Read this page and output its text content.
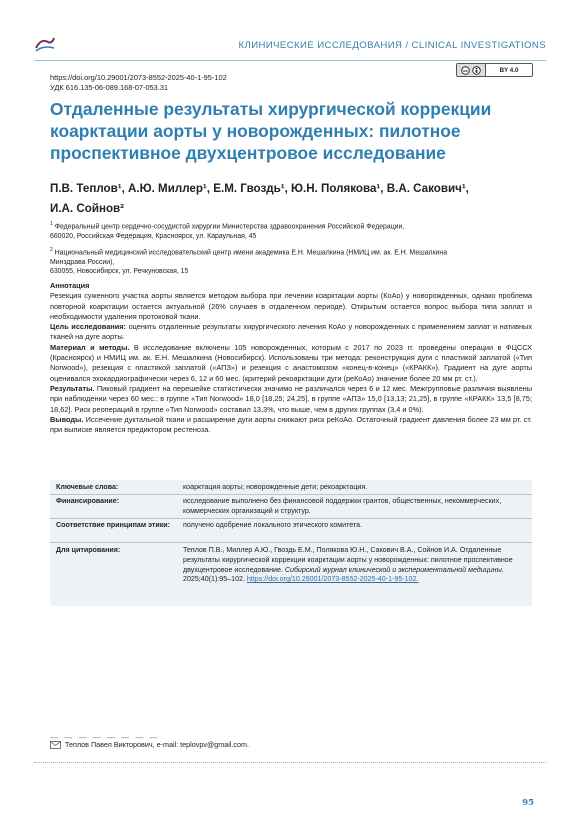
КЛИНИЧЕСКИЕ ИССЛЕДОВАНИЯ / CLINICAL INVESTIGATIONS
https://doi.org/10.29001/2073-8552-2025-40-1-95-102
УДК 616.135-06-089.168-07-053.31
cc	BY 4.0
Отдаленные результаты хирургической коррекции коарктации аорты у новорожденных: пилотное проспективное двухцентровое исследование
П.В. Теплов¹, А.Ю. Миллер¹, Е.М. Гвоздь¹, Ю.Н. Полякова¹, В.А. Сакович¹,
И.А. Сойнов²
$^1$ Федеральный центр сердечно-сосудистой хирургии Министерства здравоохранения Российской Федерации,
660020, Российская Федерация, Красноярск, ул. Караульная, 45
$^2$ Национальный медицинский исследовательский центр имени академика Е.Н. Мешалкина (НМИЦ им. ак. Е.Н. Мешалкина
Минздрава России),
630055, Новосибирск, ул. Речкуновская, 15

Аннотация

Резекция суженного участка аорты является методом выбора при лечении коарктации аорты (КоАо) у новорожденных, однако проблема повторной коарктации остается актуальной (26% случаев в отдаленном периоде). Открытым остается вопрос выбора типа заплат и необходимости удаления протоковой ткани.

Цель исследования: оценить отдаленные результаты хирургического лечения КоАо у новорожденных с применением заплат и нативных тканей на дуге аорты.

Материал и методы. В исследование включены 105 новорожденных, которым с 2017 по 2023 гг. проведены операции в ФЦССХ (Красноярск) и НМИЦ им. ак. Е.Н. Мешалкина (Новосибирск). Использованы три метода: реконструкция дуги с пластикой заплатой («Тип Norwood»), резекция с пластикой заплатой («АПЗ») и резекция с анастомозом «конец-в-конец» («КРАКК»). Градиент на дуге аорты оценивался эхокардиографически через 6, 12 и 60 мес. (критерий рекоарктации дуги (реКоАо) значение более 20 мм рт. ст.).

Результаты. Пиковый градиент на перешейке статистически значимо не различался через 6 и 12 мес. Межгрупповые различия выявлены при наблюдении через 60 мес.: в группе «Тип Norwood» 18,0 [18,25; 24,25], в группе «АПЗ» 15,0 [13,13; 21,25], в группе «КРАКК» 13,5 [8,75; 18,62]. Риск реопераций в группе «Тип Norwood» составил 13,3%, что выше, чем в других группах (3,4 и 0%).

Выводы. Иссечение дуктальной ткани и расширение дуги аорты снижают риск реКоАо. Остаточный градиент давления более 23 мм рт. ст. при выписке является предиктором рестеноза.

Ключевые слова:	коарктация аорты; новорожденные дети; рекоарктация.
Финансирование:	исследование выполнено без финансовой поддержки грантов, общественных, некоммерческих, коммерческих организаций и структур.
Соответствие принципам этики:	получено одобрение локального этического комитета.
Для цитирования:	Теплов П.В., Миллер А.Ю., Гвоздь Е.М., Полякова Ю.Н., Сакович В.А., Сойнов И.А. Отдаленные результаты хирургической коррекции коарктации аорты у новорожденных: пилотное проспективное двухцентровое исследование. Сибирский журнал клинической и экспериментальной медицины. 2025;40(1):95–102. https://doi.org/10.29001/2073-8552-2025-40-1-95-102.
— — — — — — — —
Теплов Павел Викторович, e-mail: teplovpv@gmail.com.
95
